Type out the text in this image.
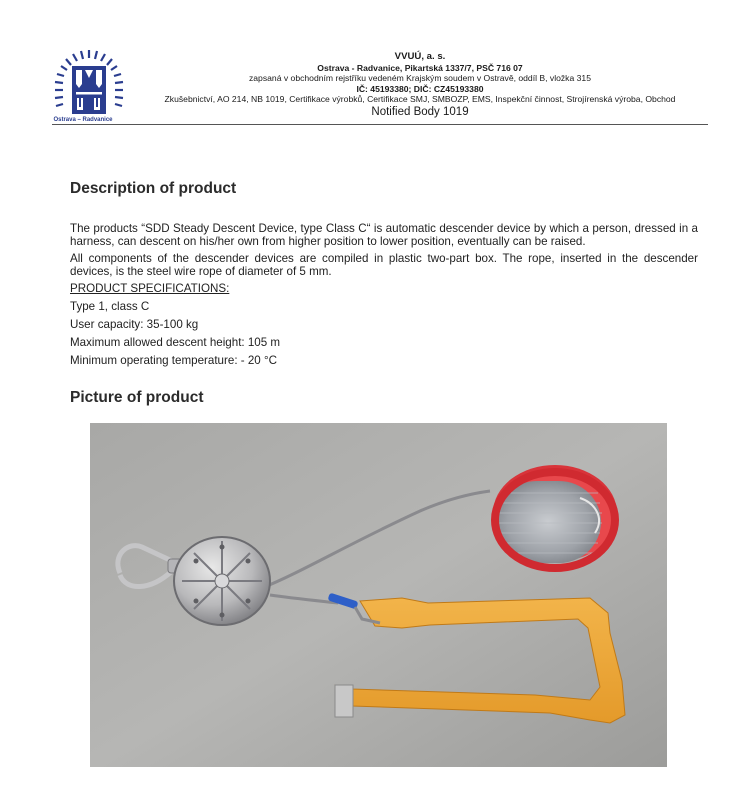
Ostrava – Radvanice
VVUÚ, a. s.
Ostrava - Radvanice, Pikartská 1337/7, PSČ 716 07
zapsaná v obchodním rejstříku vedeném Krajským soudem v Ostravě, oddíl B, vložka 315
IČ: 45193380; DIČ: CZ45193380
Zkušebnictví, AO 214, NB 1019, Certifikace výrobků, Certifikace SMJ, SMBOZP, EMS, Inspekční činnost, Strojírenská výroba, Obchod
Notified Body 1019
Description of product

The products “SDD Steady Descent Device, type Class C“ is automatic descender device by which a person, dressed in a harness, can descent on his/her own from higher position to lower position, eventually can be raised.

All components of the descender devices are compiled in plastic two-part box. The rope, inserted in the descender devices, is the steel wire rope of diameter of 5 mm.

PRODUCT SPECIFICATIONS:
Type 1, class C
User capacity: 35-100 kg
Maximum allowed descent height: 105 m
Minimum operating temperature: - 20 °C
Picture of product
